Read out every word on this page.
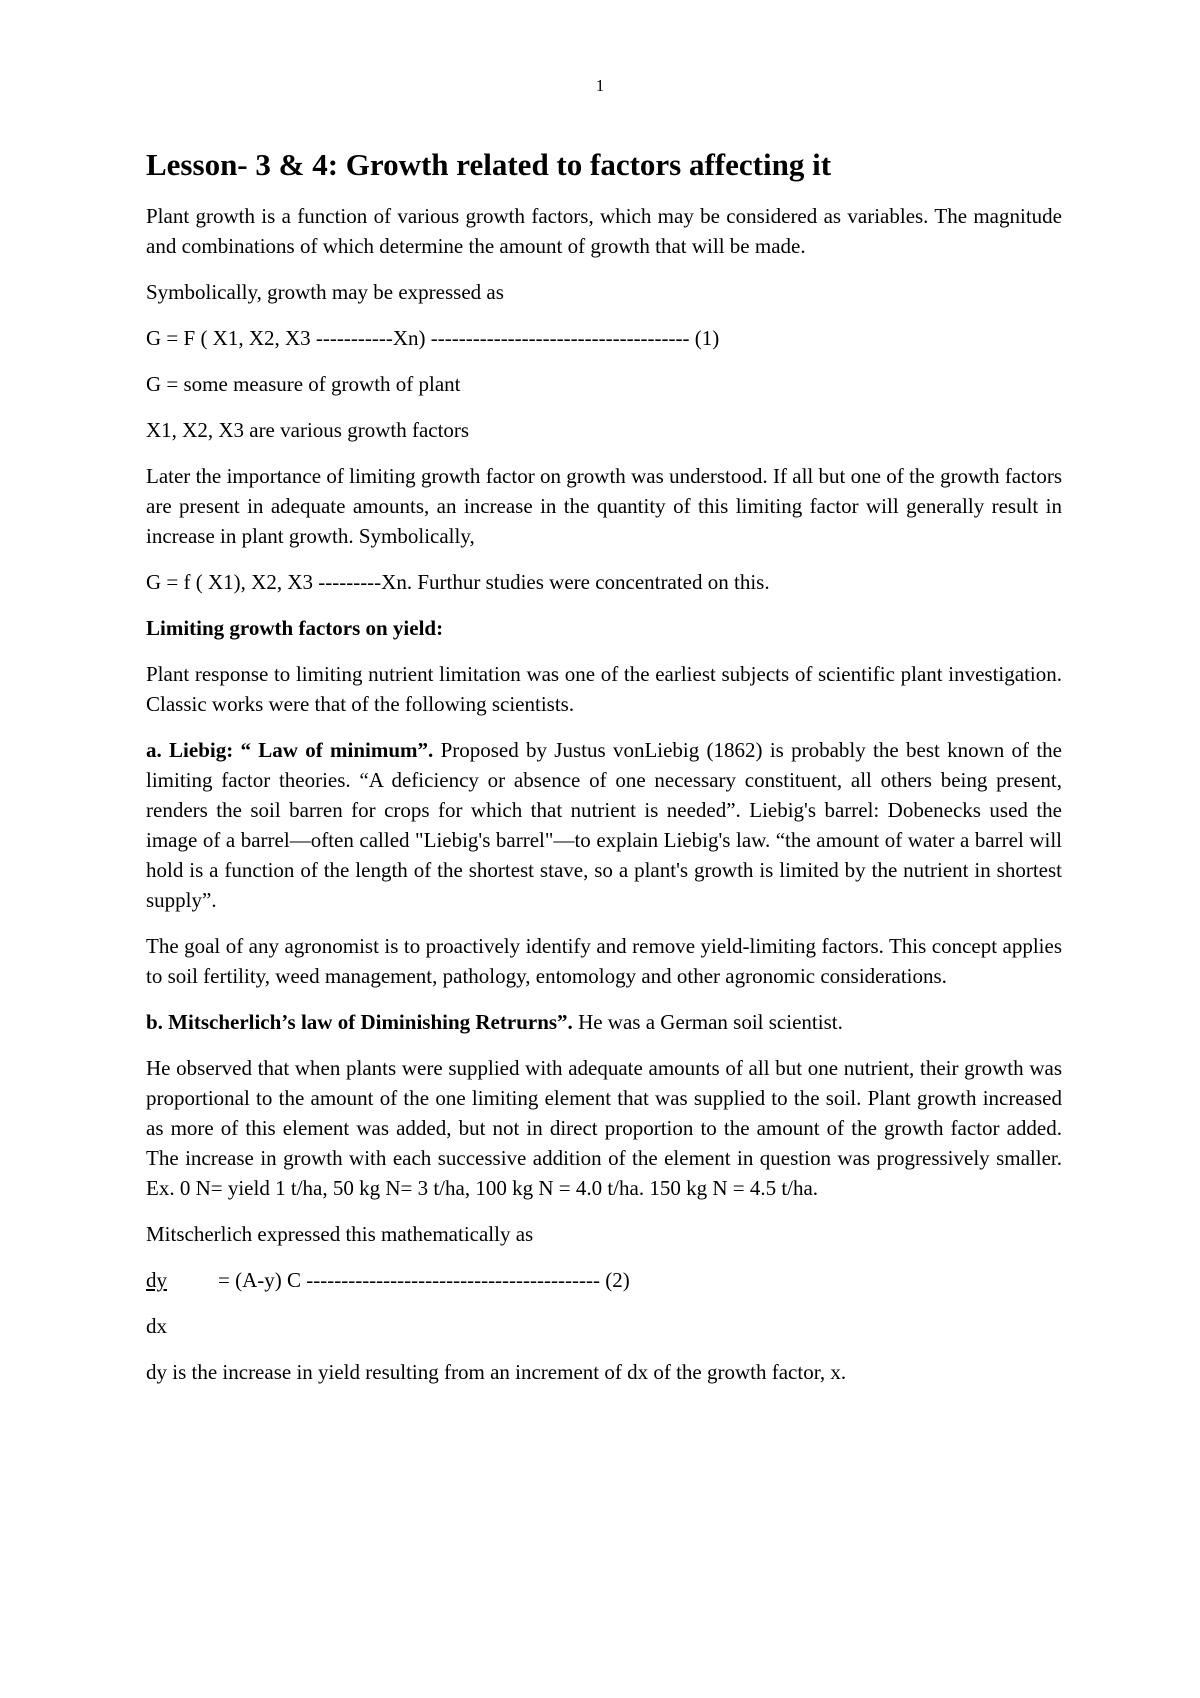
1
Lesson- 3 & 4: Growth related to factors affecting it

Plant growth is a function of various growth factors, which may be considered as variables. The magnitude and combinations of which determine the amount of growth that will be made.

Symbolically, growth may be expressed as

G = F ( X1, X2, X3 -----------Xn) ------------------------------------- (1)

G = some measure of growth of plant

X1, X2, X3 are various growth factors

Later the importance of limiting growth factor on growth was understood. If all but one of the growth factors are present in adequate amounts, an increase in the quantity of this limiting factor will generally result in increase in plant growth. Symbolically,

G = f ( X1), X2, X3 ---------Xn. Furthur studies were concentrated on this.

Limiting growth factors on yield:

Plant response to limiting nutrient limitation was one of the earliest subjects of scientific plant investigation. Classic works were that of the following scientists.

a. Liebig: “ Law of minimum”. Proposed by Justus vonLiebig (1862) is probably the best known of the limiting factor theories. “A deficiency or absence of one necessary constituent, all others being present, renders the soil barren for crops for which that nutrient is needed”. Liebig's barrel: Dobenecks used the image of a barrel—often called "Liebig's barrel"—to explain Liebig's law. “the amount of water a barrel will hold is a function of the length of the shortest stave, so a plant's growth is limited by the nutrient in shortest supply”.

The goal of any agronomist is to proactively identify and remove yield-limiting factors. This concept applies to soil fertility, weed management, pathology, entomology and other agronomic considerations.

b. Mitscherlich’s law of Diminishing Retrurns”. He was a German soil scientist.

He observed that when plants were supplied with adequate amounts of all but one nutrient, their growth was proportional to the amount of the one limiting element that was supplied to the soil. Plant growth increased as more of this element was added, but not in direct proportion to the amount of the growth factor added. The increase in growth with each successive addition of the element in question was progressively smaller. Ex. 0 N= yield 1 t/ha, 50 kg N= 3 t/ha, 100 kg N = 4.0 t/ha. 150 kg N = 4.5 t/ha.

Mitscherlich expressed this mathematically as

dy	= (A-y) C ------------------------------------------ (2)

dx

dy is the increase in yield resulting from an increment of dx of the growth factor, x.
